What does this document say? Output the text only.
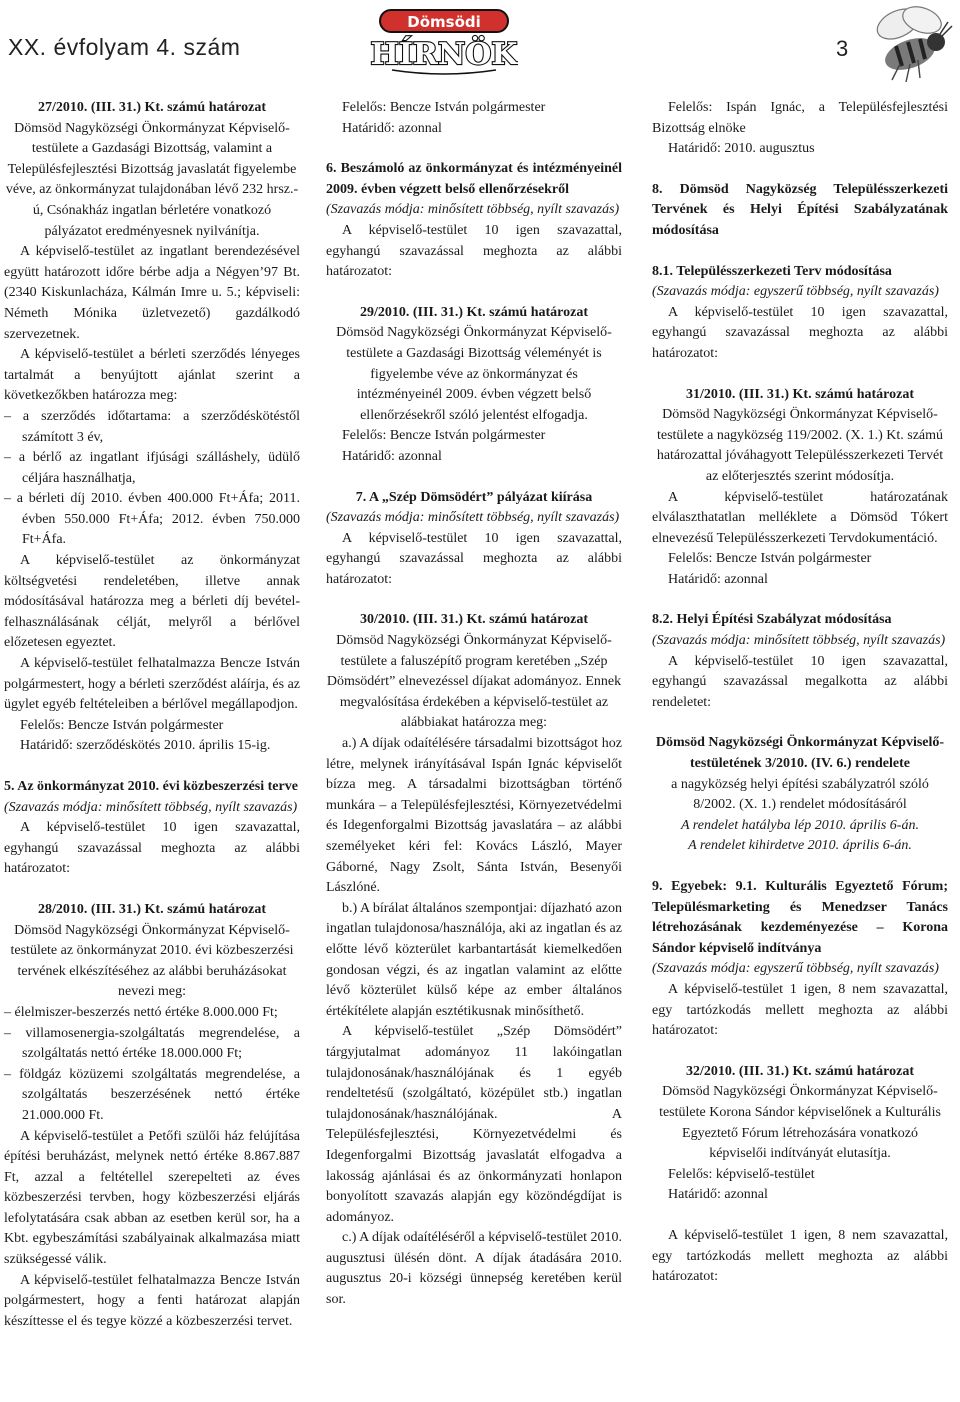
XX. évfolyam 4. szám
Dömsödi
HÍRNÖK	3

27/2010. (III. 31.) Kt. számú határozat

Dömsöd Nagyközségi Önkormányzat Képviselő-testülete a Gazdasági Bizottság, valamint a Településfejlesztési Bizottság javaslatát figyelembe véve, az önkormányzat tulajdonában lévő 232 hrsz.-ú, Csónakház ingatlan bérletére vonatkozó pályázatot eredményesnek nyilvánítja.

A képviselő-testület az ingatlant berendezésével együtt határozott időre bérbe adja a Négyen’97 Bt. (2340 Kiskunlacháza, Kálmán Imre u. 5.; képviseli: Németh Mónika üzletvezető) gazdálkodó szervezetnek.

A képviselő-testület a bérleti szerződés lényeges tartalmát a benyújtott ajánlat szerint a következőkben határozza meg:

– a szerződés időtartama: a szerződéskötéstől számított 3 év,

– a bérlő az ingatlant ifjúsági szálláshely, üdülő céljára használhatja,

– a bérleti díj 2010. évben 400.000 Ft+Áfa; 2011. évben 550.000 Ft+Áfa; 2012. évben 750.000 Ft+Áfa.

A képviselő-testület az önkormányzat költségvetési rendeletében, illetve annak módosításával határozza meg a bérleti díj bevétel-felhasználásának célját, melyről a bérlővel előzetesen egyeztet.

A képviselő-testület felhatalmazza Bencze István polgármestert, hogy a bérleti szerződést aláírja, és az ügylet egyéb feltételeiben a bérlővel megállapodjon.

Felelős: Bencze István polgármester

Határidő: szerződéskötés 2010. április 15-ig.

5. Az önkormányzat 2010. évi közbeszerzési terve

(Szavazás módja: minősített többség, nyílt szavazás)

A képviselő-testület 10 igen szavazattal, egyhangú szavazással meghozta az alábbi határozatot:

28/2010. (III. 31.) Kt. számú határozat

Dömsöd Nagyközségi Önkormányzat Képviselő-testülete az önkormányzat 2010. évi közbeszerzési tervének elkészítéséhez az alábbi beruházásokat nevezi meg:

– élelmiszer-beszerzés nettó értéke 8.000.000 Ft;

– villamosenergia-szolgáltatás megrendelése, a szolgáltatás nettó értéke 18.000.000 Ft;

– földgáz közüzemi szolgáltatás megrendelése, a szolgáltatás beszerzésének nettó értéke 21.000.000 Ft.

A képviselő-testület a Petőfi szülői ház felújítása építési beruházást, melynek nettó értéke 8.867.887 Ft, azzal a feltétellel szerepelteti az éves közbeszerzési tervben, hogy közbeszerzési eljárás lefolytatására csak abban az esetben kerül sor, ha a Kbt. egybeszámítási szabályainak alkalmazása miatt szükségessé válik.

A képviselő-testület felhatalmazza Bencze István polgármestert, hogy a fenti határozat alapján készíttesse el és tegye közzé a közbeszerzési tervet.

Felelős: Bencze István polgármester

Határidő: azonnal

6. Beszámoló az önkormányzat és intézményeinél 2009. évben végzett belső ellenőrzésekről

(Szavazás módja: minősített többség, nyílt szavazás)

A képviselő-testület 10 igen szavazattal, egyhangú szavazással meghozta az alábbi határozatot:

29/2010. (III. 31.) Kt. számú határozat

Dömsöd Nagyközségi Önkormányzat Képviselő-testülete a Gazdasági Bizottság véleményét is figyelembe véve az önkormányzat és intézményeinél 2009. évben végzett belső ellenőrzésekről szóló jelentést elfogadja.

Felelős: Bencze István polgármester

Határidő: azonnal

7. A „Szép Dömsödért” pályázat kiírása

(Szavazás módja: minősített többség, nyílt szavazás)

A képviselő-testület 10 igen szavazattal, egyhangú szavazással meghozta az alábbi határozatot:

30/2010. (III. 31.) Kt. számú határozat

Dömsöd Nagyközségi Önkormányzat Képviselő-testülete a faluszépítő program keretében „Szép Dömsödért” elnevezéssel díjakat adományoz. Ennek megvalósítása érdekében a képviselő-testület az alábbiakat határozza meg:

a.) A díjak odaítélésére társadalmi bizottságot hoz létre, melynek irányításával Ispán Ignác képviselőt bízza meg. A társadalmi bizottságban történő munkára – a Településfejlesztési, Környezetvédelmi és Idegenforgalmi Bizottság javaslatára – az alábbi személyeket kéri fel: Kovács László, Mayer Gáborné, Nagy Zsolt, Sánta István, Besenyői Lászlóné.

b.) A bírálat általános szempontjai: díjazható azon ingatlan tulajdonosa/használója, aki az ingatlan és az előtte lévő közterület karbantartását kiemelkedően gondosan végzi, és az ingatlan valamint az előtte lévő közterület külső képe az ember általános értékítélete alapján esztétikusnak minősíthető.

A képviselő-testület „Szép Dömsödért” tárgyjutalmat adományoz 11 lakóingatlan tulajdonosának/használójának és 1 egyéb rendeltetésű (szolgáltató, középület stb.) ingatlan tulajdonosának/használójának. A Településfejlesztési, Környezetvédelmi és Idegenforgalmi Bizottság javaslatát elfogadva a lakosság ajánlásai és az önkormányzati honlapon bonyolított szavazás alapján egy közöndégdíjat is adományoz.

c.) A díjak odaítéléséről a képviselő-testület 2010. augusztusi ülésén dönt. A díjak átadására 2010. augusztus 20-i községi ünnepség keretében kerül sor.

Felelős: Ispán Ignác, a Településfejlesztési Bizottság elnöke

Határidő: 2010. augusztus

8. Dömsöd Nagyközség Településszerkezeti Tervének és Helyi Építési Szabályzatának módosítása

8.1. Településszerkezeti Terv módosítása

(Szavazás módja: egyszerű többség, nyílt szavazás)

A képviselő-testület 10 igen szavazattal, egyhangú szavazással meghozta az alábbi határozatot:

31/2010. (III. 31.) Kt. számú határozat

Dömsöd Nagyközségi Önkormányzat Képviselő-testülete a nagyközség 119/2002. (X. 1.) Kt. számú határozattal jóváhagyott Településszerkezeti Tervét az előterjesztés szerint módosítja.

A képviselő-testület határozatának elválaszthatatlan melléklete a Dömsöd Tókert elnevezésű Településszerkezeti Tervdokumentáció.

Felelős: Bencze István polgármester

Határidő: azonnal

8.2. Helyi Építési Szabályzat módosítása

(Szavazás módja: minősített többség, nyílt szavazás)

A képviselő-testület 10 igen szavazattal, egyhangú szavazással megalkotta az alábbi rendeletet:

Dömsöd Nagyközségi Önkormányzat Képviselő-testületének 3/2010. (IV. 6.) rendelete

a nagyközség helyi építési szabályzatról szóló 8/2002. (X. 1.) rendelet módosításáról

A rendelet hatályba lép 2010. április 6-án.

A rendelet kihirdetve 2010. április 6-án.

9. Egyebek: 9.1. Kulturális Egyeztető Fórum; Településmarketing és Menedzser Tanács létrehozásának kezdeményezése – Korona Sándor képviselő indítványa

(Szavazás módja: egyszerű többség, nyílt szavazás)

A képviselő-testület 1 igen, 8 nem szavazattal, egy tartózkodás mellett meghozta az alábbi határozatot:

32/2010. (III. 31.) Kt. számú határozat

Dömsöd Nagyközségi Önkormányzat Képviselő-testülete Korona Sándor képviselőnek a Kulturális Egyeztető Fórum létrehozására vonatkozó képviselői indítványát elutasítja.

Felelős: képviselő-testület

Határidő: azonnal

A képviselő-testület 1 igen, 8 nem szavazattal, egy tartózkodás mellett meghozta az alábbi határozatot:
